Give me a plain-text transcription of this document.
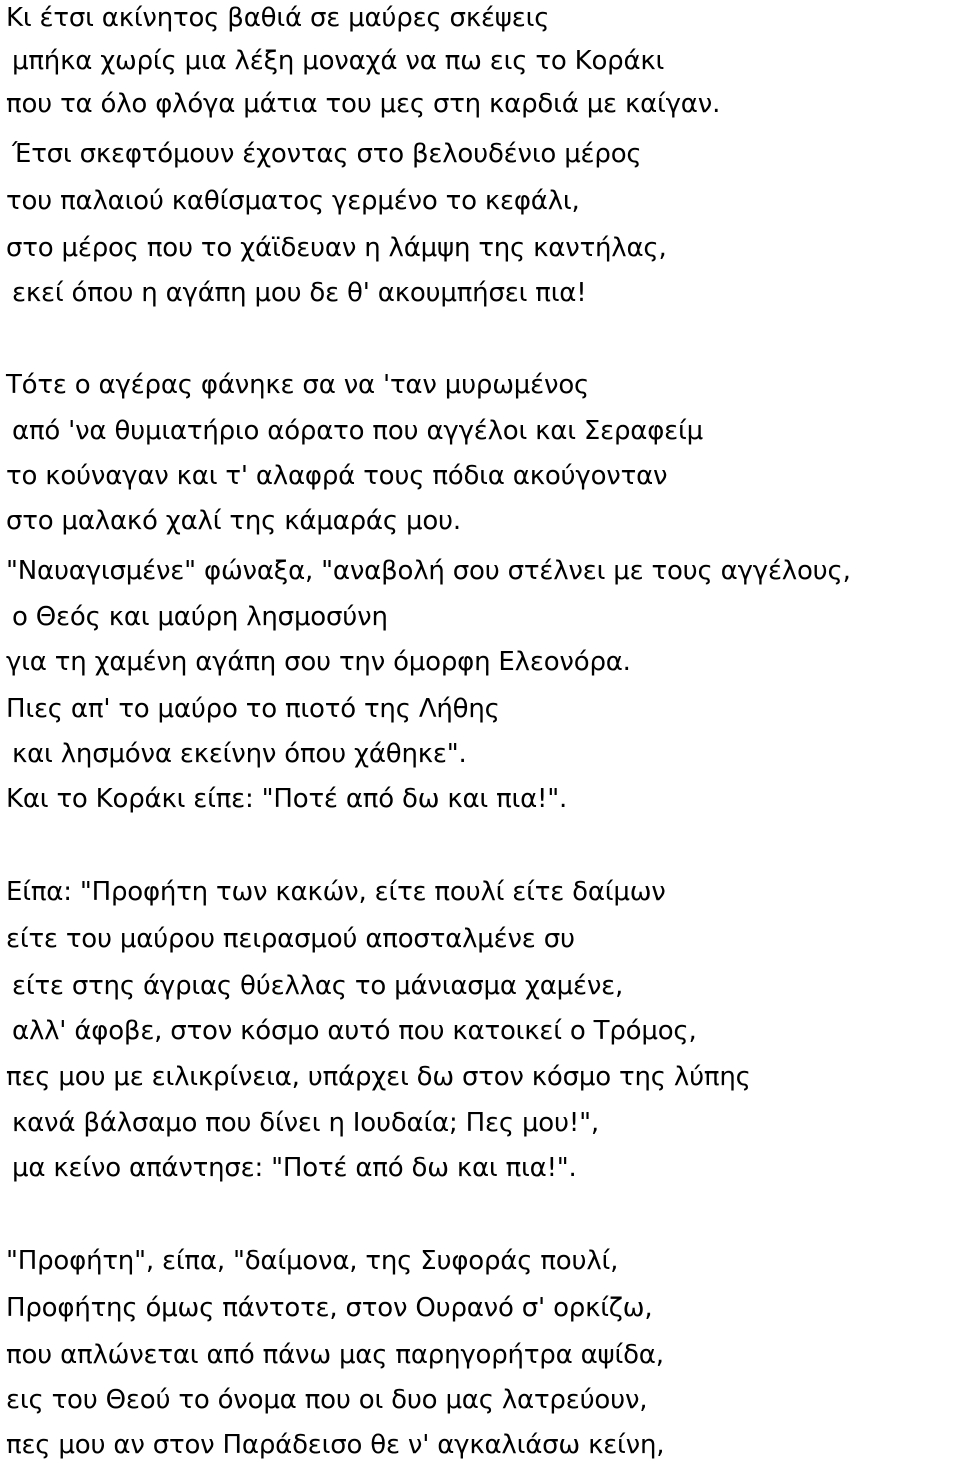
Κι έτσι ακίνητος βαθιά σε μαύρες σκέψεις
μπήκα χωρίς μια λέξη μοναχά να πω εις το Κοράκι
που τα όλο φλόγα μάτια του μες στη καρδιά με καίγαν.
Έτσι σκεφτόμουν έχοντας στο βελουδένιο μέρος
του παλαιού καθίσματος γερμένο το κεφάλι,
στο μέρος που το χάϊδευαν η λάμψη της καντήλας,
εκεί όπου η αγάπη μου δε θ' ακουμπήσει πια!
Τότε ο αγέρας φάνηκε σα να 'ταν μυρωμένος
από 'να θυμιατήριο αόρατο που αγγέλοι και Σεραφείμ
το κούναγαν και τ' αλαφρά τους πόδια ακούγονταν
στο μαλακό χαλί της κάμαράς μου.
"Ναυαγισμένε" φώναξα, "αναβολή σου στέλνει με τους αγγέλους,
ο Θεός και μαύρη λησμοσύνη
για τη χαμένη αγάπη σου την όμορφη Ελεονόρα.
Πιες απ' το μαύρο το πιοτό της Λήθης
και λησμόνα εκείνην όπου χάθηκε".
Και το Κοράκι είπε: "Ποτέ από δω και πια!".
Είπα: "Προφήτη των κακών, είτε πουλί είτε δαίμων
είτε του μαύρου πειρασμού αποσταλμένε συ
είτε στης άγριας θύελλας το μάνιασμα χαμένε,
αλλ' άφοβε, στον κόσμο αυτό που κατοικεί ο Τρόμος,
πες μου με ειλικρίνεια, υπάρχει δω στον κόσμο της λύπης
κανά βάλσαμο που δίνει η Ιουδαία; Πες μου!",
μα κείνο απάντησε: "Ποτέ από δω και πια!".
"Προφήτη", είπα, "δαίμονα, της Συφοράς πουλί,
Προφήτης όμως πάντοτε, στον Ουρανό σ' ορκίζω,
που απλώνεται από πάνω μας παρηγορήτρα αψίδα,
εις του Θεού το όνομα που οι δυο μας λατρεύουν,
πες μου αν στον Παράδεισο θε ν' αγκαλιάσω κείνη,
